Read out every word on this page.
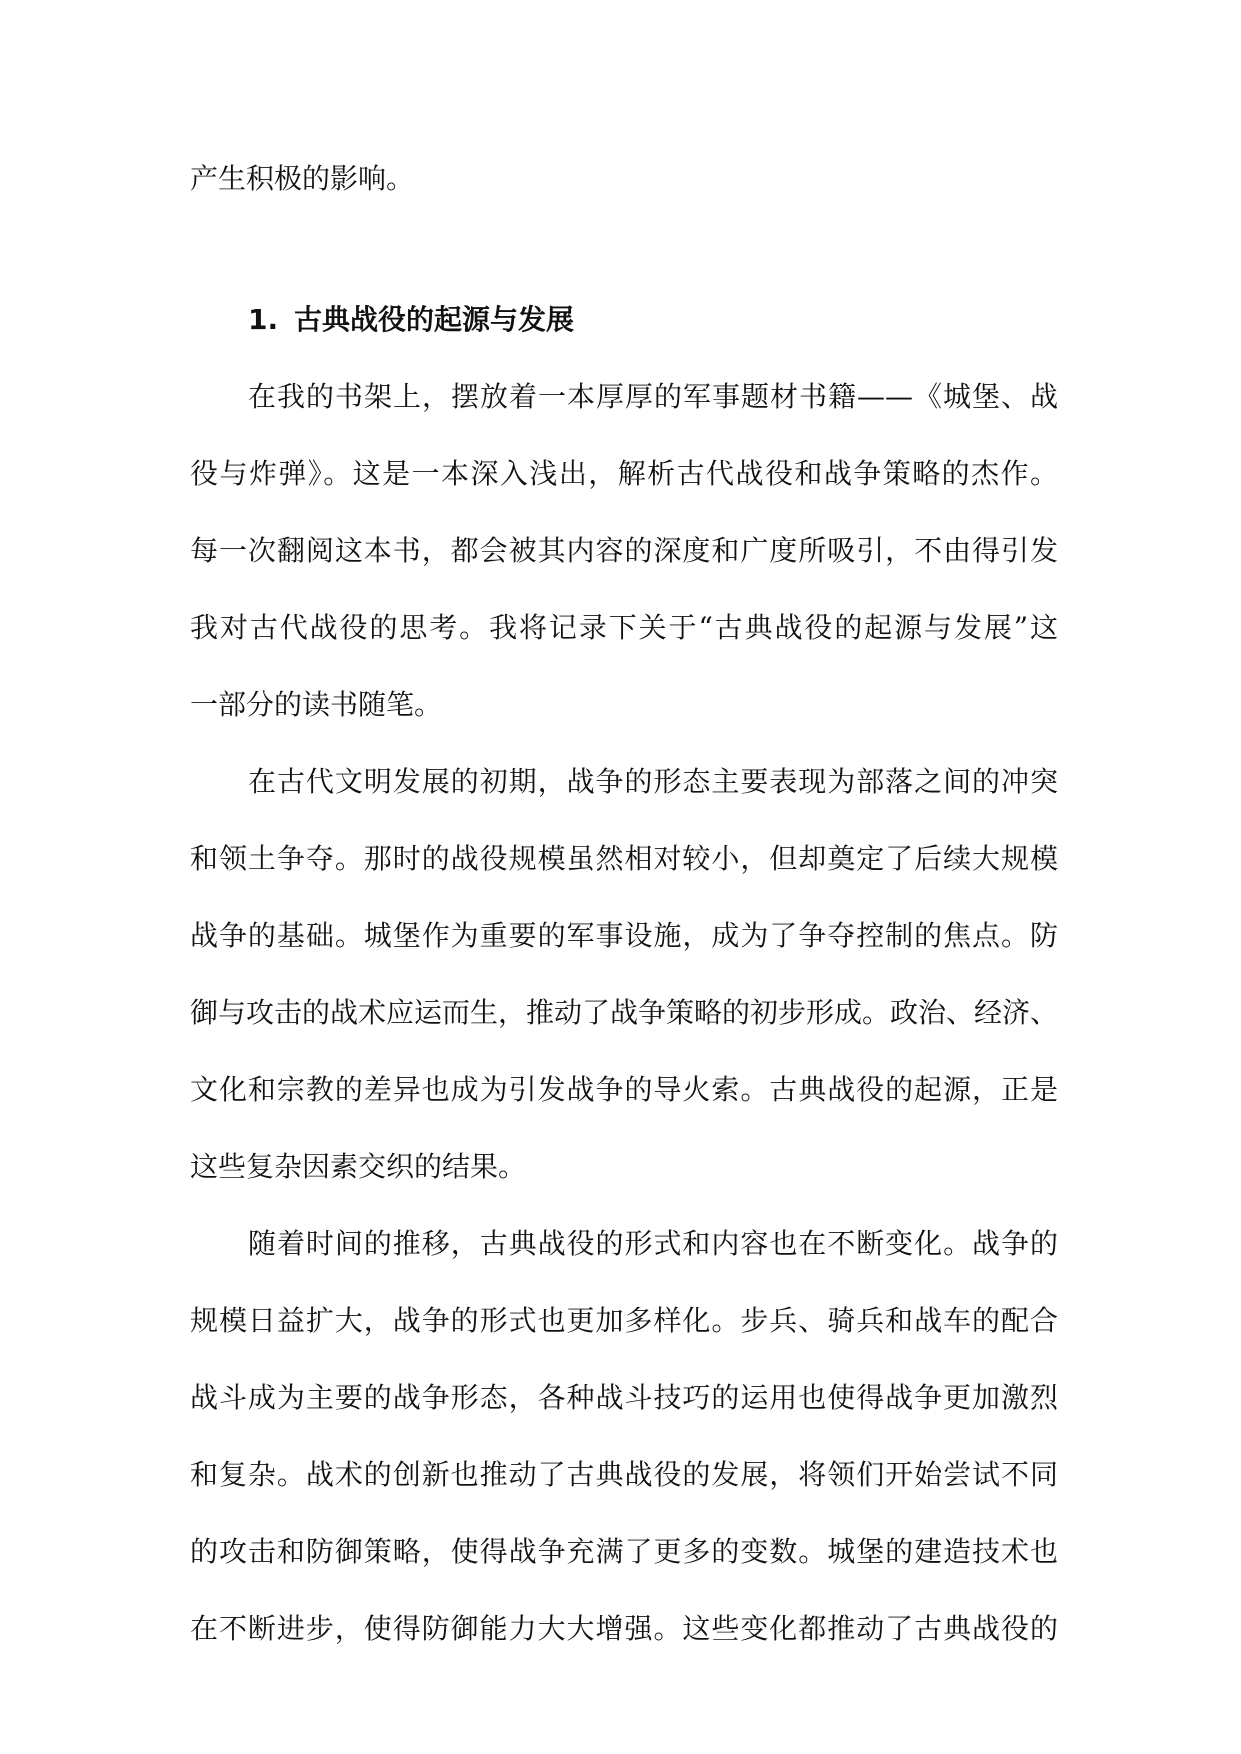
产生积极的影响。
1. 古典战役的起源与发展
在我的书架上，摆放着一本厚厚的军事题材书籍——《城堡、战
役与炸弹》。这是一本深入浅出，解析古代战役和战争策略的杰作。
每一次翻阅这本书，都会被其内容的深度和广度所吸引，不由得引发
我对古代战役的思考。我将记录下关于“古典战役的起源与发展”这
一部分的读书随笔。
在古代文明发展的初期，战争的形态主要表现为部落之间的冲突
和领土争夺。那时的战役规模虽然相对较小，但却奠定了后续大规模
战争的基础。城堡作为重要的军事设施，成为了争夺控制的焦点。防
御与攻击的战术应运而生，推动了战争策略的初步形成。政治、经济、
文化和宗教的差异也成为引发战争的导火索。古典战役的起源，正是
这些复杂因素交织的结果。
随着时间的推移，古典战役的形式和内容也在不断变化。战争的
规模日益扩大，战争的形式也更加多样化。步兵、骑兵和战车的配合
战斗成为主要的战争形态，各种战斗技巧的运用也使得战争更加激烈
和复杂。战术的创新也推动了古典战役的发展，将领们开始尝试不同
的攻击和防御策略，使得战争充满了更多的变数。城堡的建造技术也
在不断进步，使得防御能力大大增强。这些变化都推动了古典战役的
